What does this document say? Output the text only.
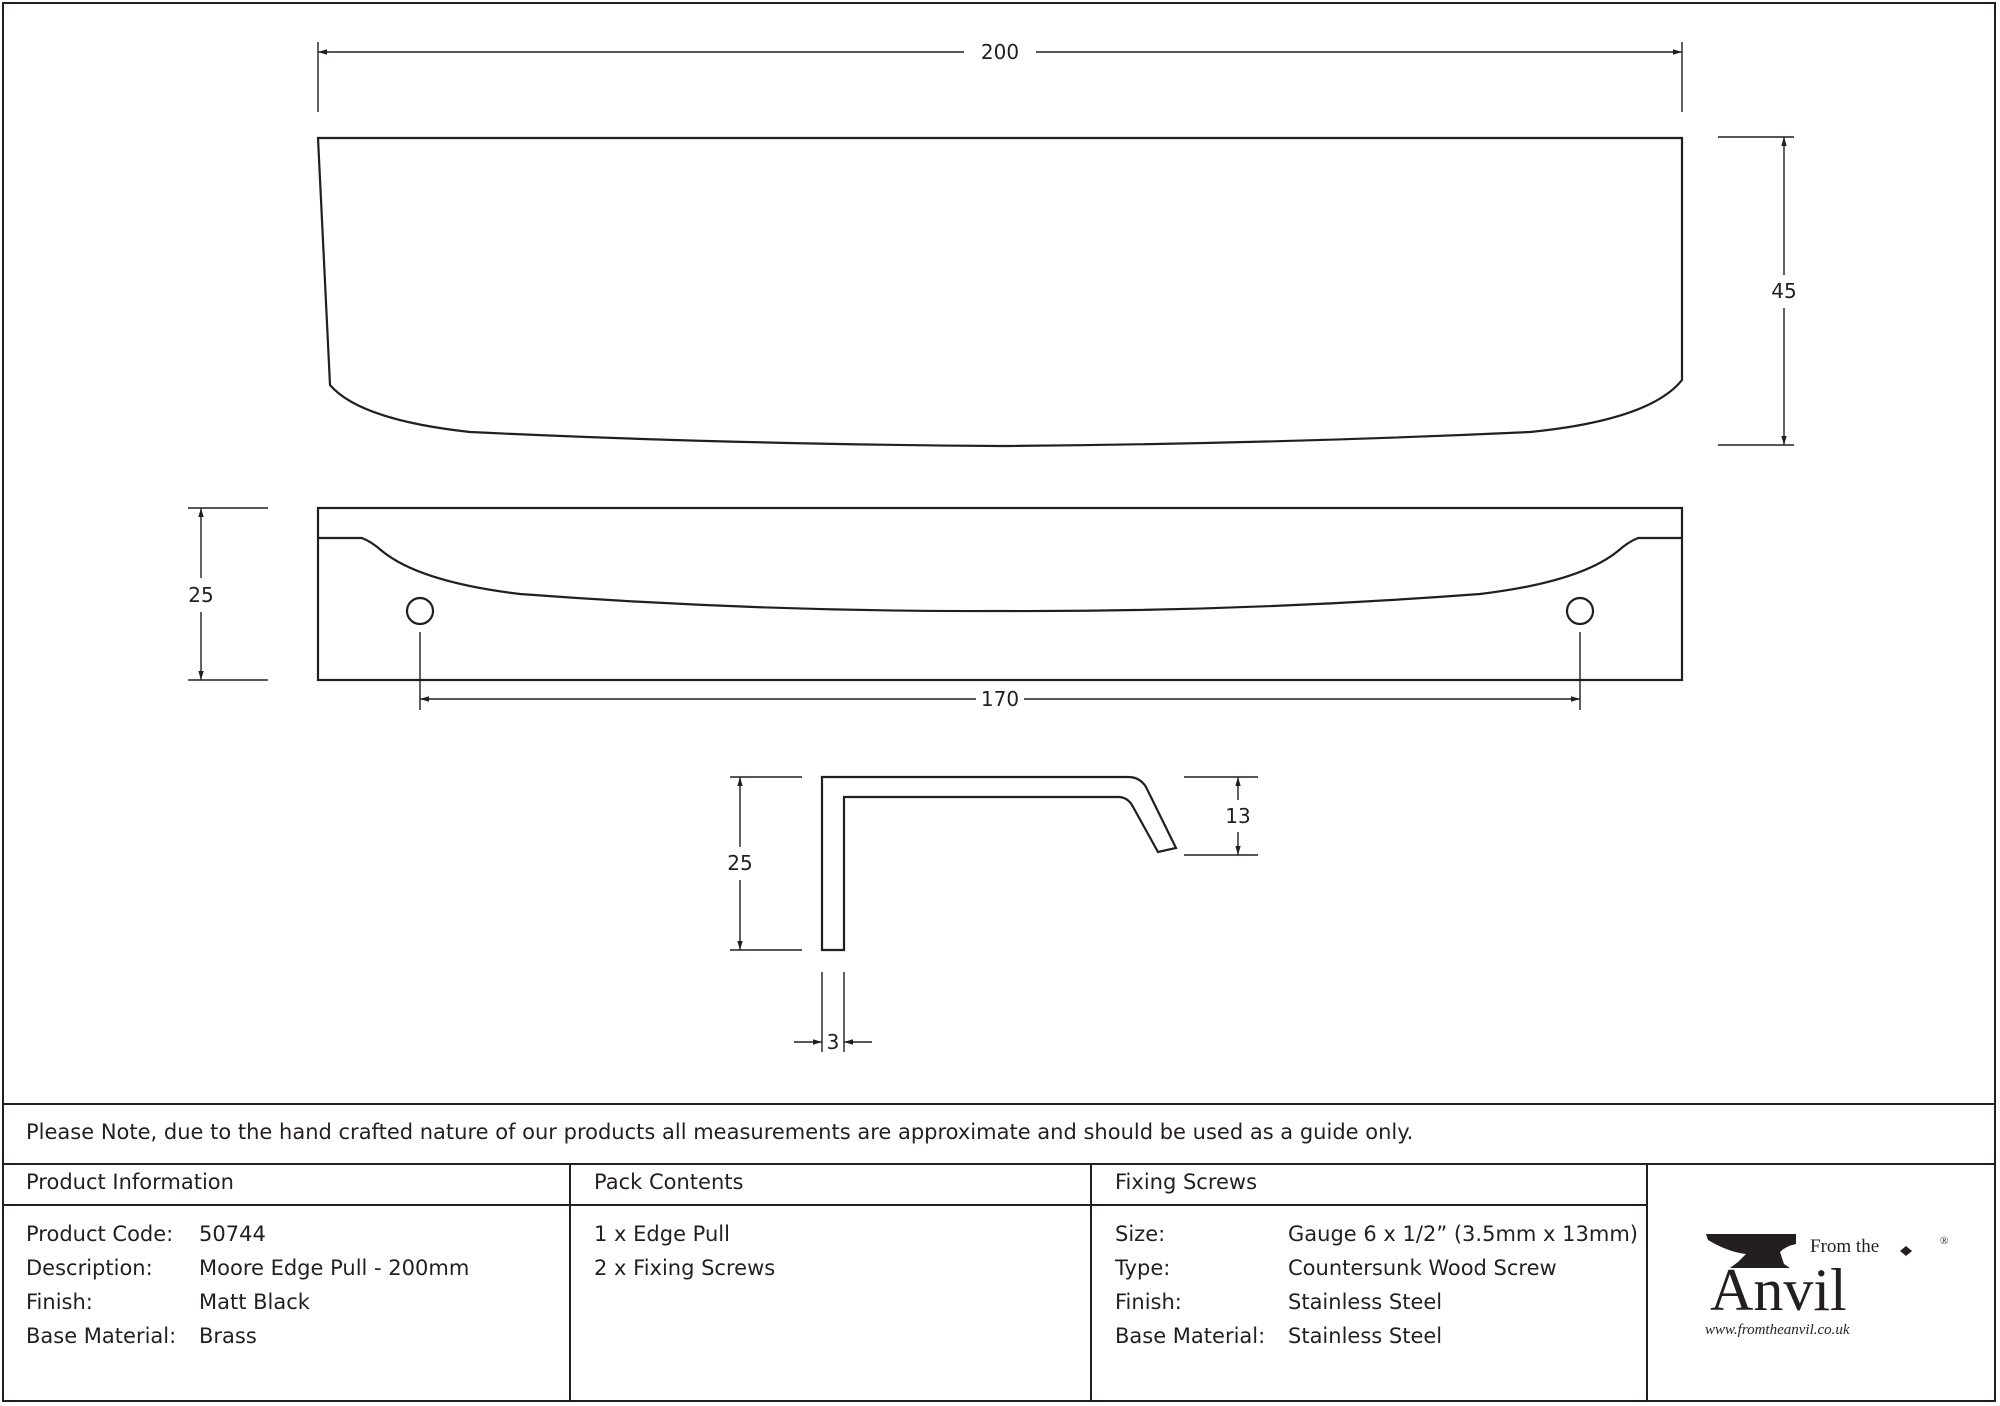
200
45
25
170
25
13
3
Please Note, due to the hand crafted nature of our products all measurements are approximate and should be used as a guide only.
Product Information
Product Code: 50744
Description: Moore Edge Pull - 200mm
Finish:	Matt Black
Base Material: Brass
Pack Contents
1 x Edge Pull
2 x Fixing Screws
Fixing Screws
Size:	Gauge 6 x 1/2” (3.5mm x 13mm)
Type:	Countersunk Wood Screw
Finish:	Stainless Steel
Base Material: Stainless Steel
From the	®
Anvil
www.fromtheanvil.co.uk
